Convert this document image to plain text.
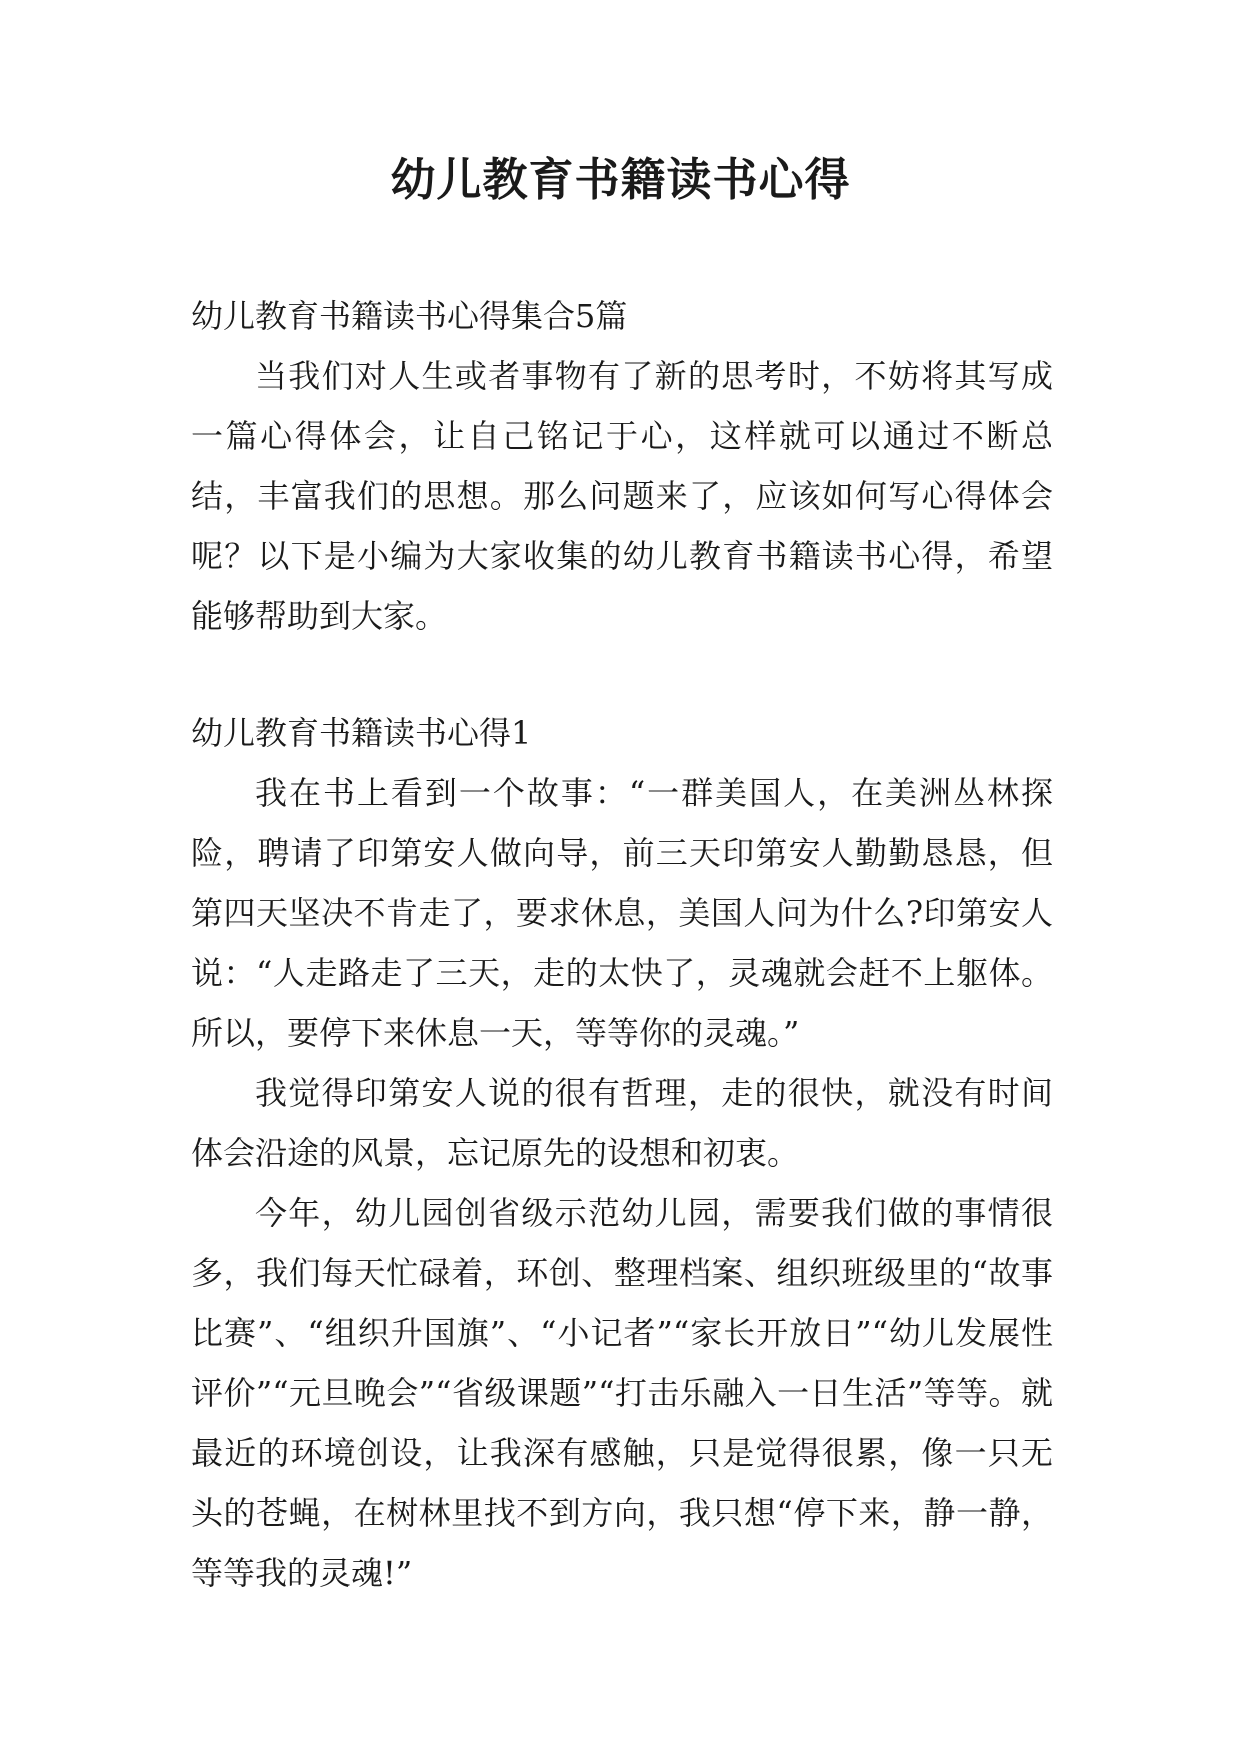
幼儿教育书籍读书心得

幼儿教育书籍读书心得集合5篇

当我们对人生或者事物有了新的思考时，不妨将其写成一篇心得体会，让自己铭记于心，这样就可以通过不断总结，丰富我们的思想。那么问题来了，应该如何写心得体会呢？以下是小编为大家收集的幼儿教育书籍读书心得，希望能够帮助到大家。

幼儿教育书籍读书心得1

我在书上看到一个故事：“一群美国人，在美洲丛林探险，聘请了印第安人做向导，前三天印第安人勤勤恳恳，但第四天坚决不肯走了，要求休息，美国人问为什么?印第安人说：“人走路走了三天，走的太快了，灵魂就会赶不上躯体。所以，要停下来休息一天，等等你的灵魂。”

我觉得印第安人说的很有哲理，走的很快，就没有时间体会沿途的风景，忘记原先的设想和初衷。

今年，幼儿园创省级示范幼儿园，需要我们做的事情很多，我们每天忙碌着，环创、整理档案、组织班级里的“故事比赛”、“组织升国旗”、“小记者”“家长开放日”“幼儿发展性评价”“元旦晚会”“省级课题”“打击乐融入一日生活”等等。就最近的环境创设，让我深有感触，只是觉得很累，像一只无头的苍蝇，在树林里找不到方向，我只想“停下来，静一静，等等我的灵魂!”
